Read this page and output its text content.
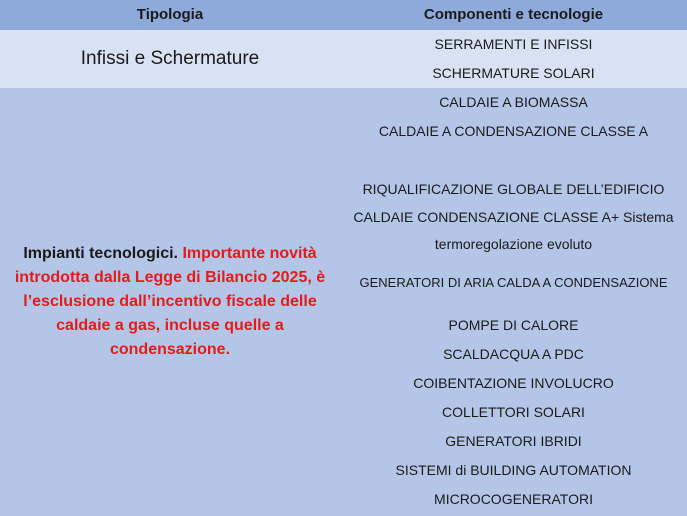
Tipologia	Componenti e tecnologie
Infissi e Schermature
SERRAMENTI E INFISSI
SCHERMATURE SOLARI

Impianti tecnologici. Importante novità introdotta dalla Legge di Bilancio 2025, è l’esclusione dall’incentivo fiscale delle caldaie a gas, incluse quelle a condensazione.

CALDAIE A BIOMASSA
CALDAIE A CONDENSAZIONE CLASSE A
RIQUALIFICAZIONE GLOBALE DELL’EDIFICIO
CALDAIE CONDENSAZIONE CLASSE A+ Sistema
termoregolazione evoluto
GENERATORI DI ARIA CALDA A CONDENSAZIONE
POMPE DI CALORE
SCALDACQUA A PDC
COIBENTAZIONE INVOLUCRO
COLLETTORI SOLARI
GENERATORI IBRIDI
SISTEMI di BUILDING AUTOMATION
MICROCOGENERATORI
